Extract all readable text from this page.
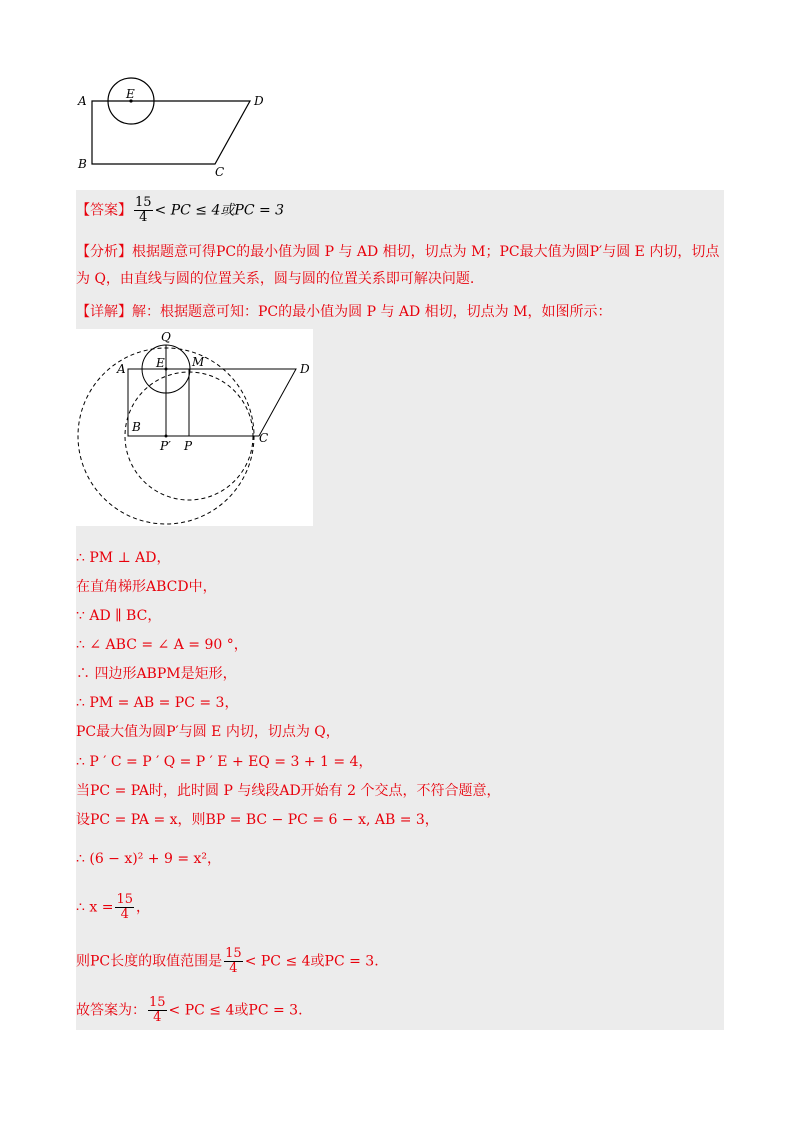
A	E	D
B
C
【答案】 $\frac{15}{4}$ < PC ≤ 4或PC = 3
【分析】根据题意可得PC的最小值为圆 P 与 AD 相切，切点为 M；PC最大值为圆P′与圆 E 内切，切点
为 Q，由直线与圆的位置关系，圆与圆的位置关系即可解决问题.
【详解】解：根据题意可知：PC的最小值为圆 P 与 AD 相切，切点为 M，如图所示：
Q
E M
A	D
B
P′ P
C
∴ PM ⊥ AD，
在直角梯形ABCD中，
∵ AD ∥ BC，
∴ ∠ ABC = ∠ A = 90 °，
∴ 四边形ABPM是矩形，
∴ PM = AB = PC = 3，
PC最大值为圆P′与圆 E 内切，切点为 Q，
∴ P ′ C = P ′ Q = P ′ E + EQ = 3 + 1 = 4，
当PC = PA时，此时圆 P 与线段AD开始有 2 个交点，不符合题意，
设PC = PA = x，则BP = BC − PC = 6 − x, AB = 3，
∴ (6 − x)² + 9 = x²，
∴ $x = \frac{15}{4}$ ，
则PC长度的取值范围是 $\frac{15}{4}$ < PC ≤ 4或PC = 3.
故答案为： $\frac{15}{4}$ < PC ≤ 4或PC = 3.
